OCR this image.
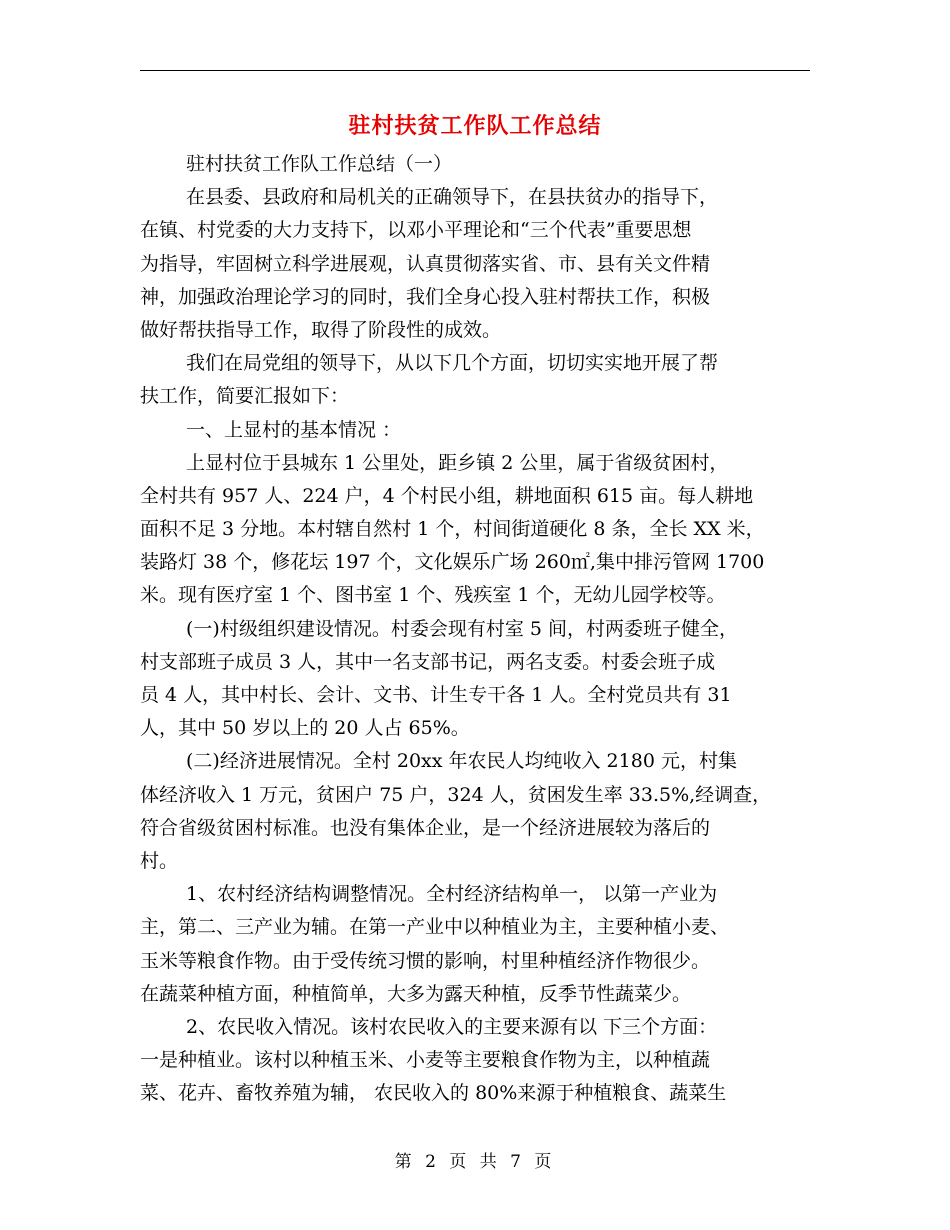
驻村扶贫工作队工作总结
驻村扶贫工作队工作总结（一）
在县委、县政府和局机关的正确领导下，在县扶贫办的指导下，
在镇、村党委的大力支持下，以邓小平理论和“三个代表”重要思想
为指导，牢固树立科学进展观，认真贯彻落实省、市、县有关文件精
神，加强政治理论学习的同时，我们全身心投入驻村帮扶工作，积极
做好帮扶指导工作，取得了阶段性的成效。
我们在局党组的领导下，从以下几个方面，切切实实地开展了帮
扶工作，简要汇报如下：
一、上显村的基本情况 ：
上显村位于县城东 1 公里处，距乡镇 2 公里，属于省级贫困村，
全村共有 957 人、224 户，4 个村民小组，耕地面积 615 亩。每人耕地
面积不足 3 分地。本村辖自然村 1 个，村间街道硬化 8 条，全长 XX 米，
装路灯 38 个，修花坛 197 个，文化娱乐广场 260㎡,集中排污管网 1700
米。现有医疗室 1 个、图书室 1 个、残疾室 1 个，无幼儿园学校等。
(一)村级组织建设情况。村委会现有村室 5 间，村两委班子健全，
村支部班子成员 3 人，其中一名支部书记，两名支委。村委会班子成
员 4 人，其中村长、会计、文书、计生专干各 1 人。全村党员共有 31
人，其中 50 岁以上的 20 人占 65%。
(二)经济进展情况。全村 20xx 年农民人均纯收入 2180 元，村集
体经济收入 1 万元，贫困户 75 户，324 人，贫困发生率 33.5%,经调查，
符合省级贫困村标准。也没有集体企业，是一个经济进展较为落后的
村。
1、农村经济结构调整情况。全村经济结构单一， 以第一产业为
主，第二、三产业为辅。在第一产业中以种植业为主，主要种植小麦、
玉米等粮食作物。由于受传统习惯的影响，村里种植经济作物很少。
在蔬菜种植方面，种植简单，大多为露天种植，反季节性蔬菜少。
2、农民收入情况。该村农民收入的主要来源有以 下三个方面：
一是种植业。该村以种植玉米、小麦等主要粮食作物为主，以种植蔬
菜、花卉、畜牧养殖为辅， 农民收入的 80%来源于种植粮食、蔬菜生
第 2 页 共 7 页
